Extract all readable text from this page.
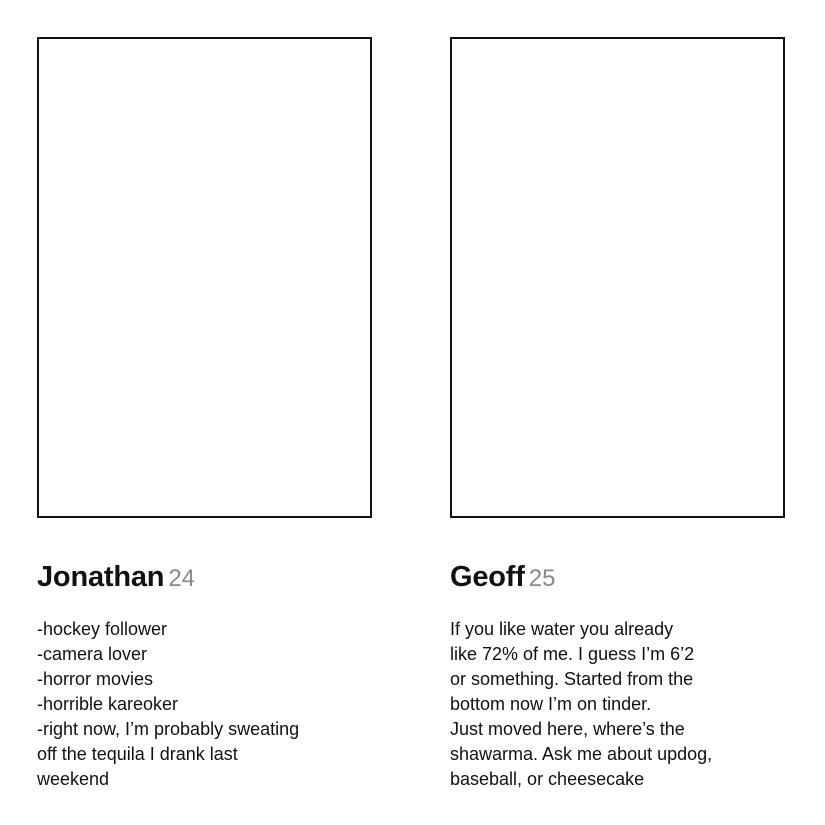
Jonathan 24
-hockey follower
-camera lover
-horror movies
-horrible kareoker
-right now, I’m probably sweating
off the tequila I drank last
weekend
Geoff 25
If you like water you already
like 72% of me. I guess I’m 6’2
or something. Started from the
bottom now I’m on tinder.
Just moved here, where’s the
shawarma. Ask me about updog,
baseball, or cheesecake
